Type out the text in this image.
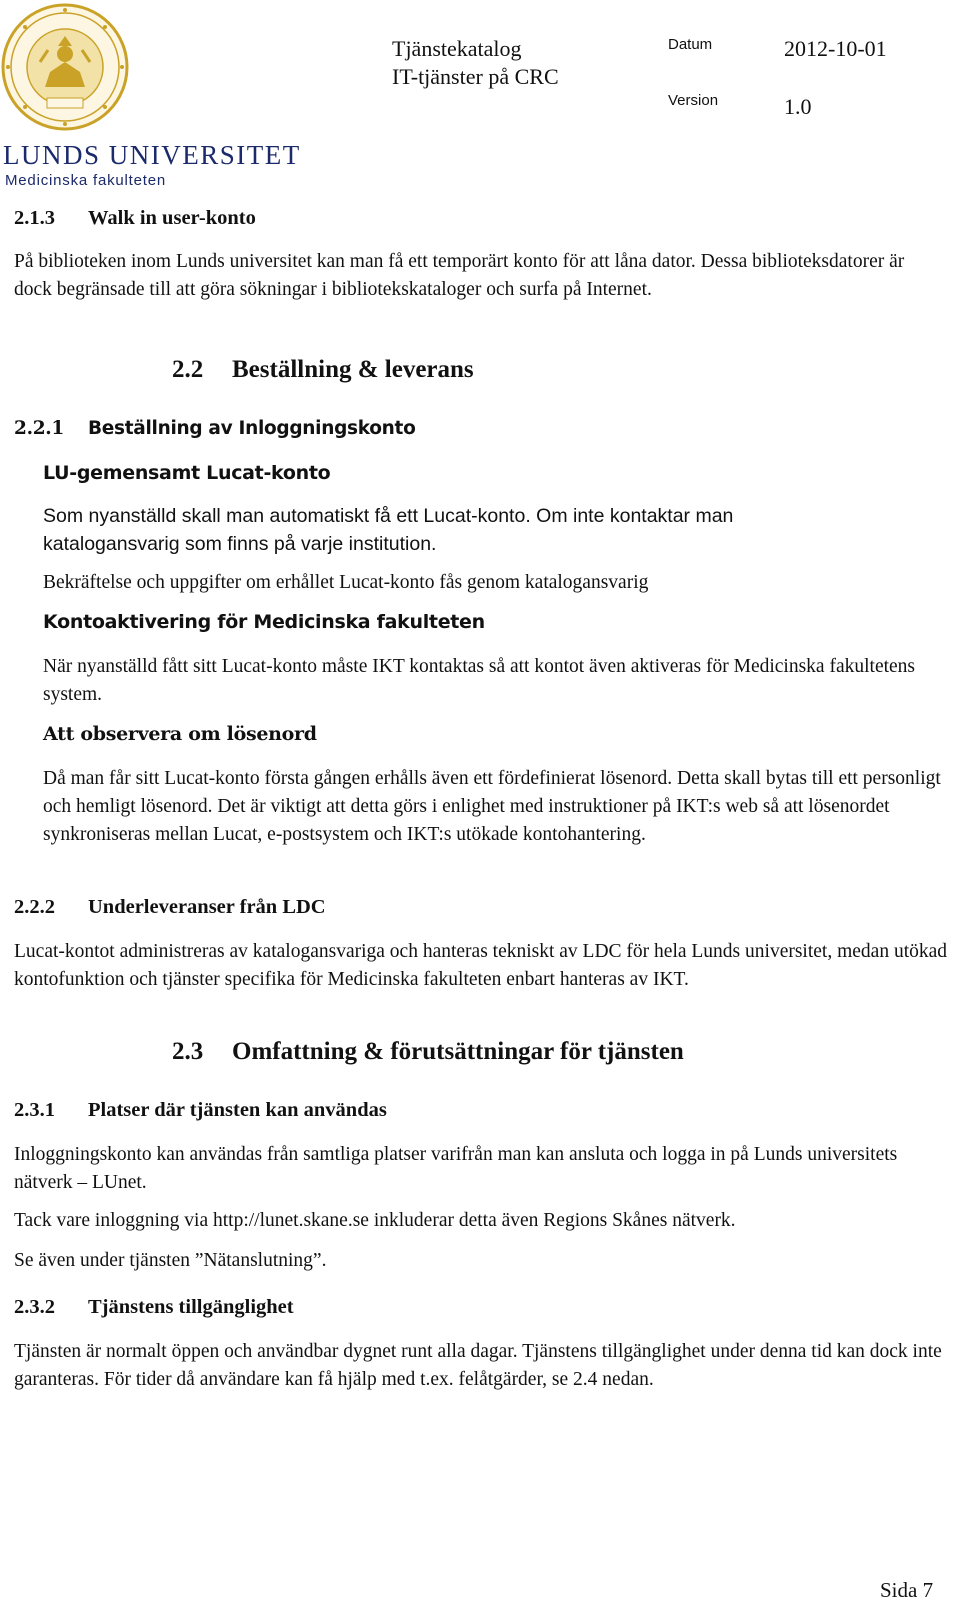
LUNDS UNIVERSITET
Medicinska fakulteten
Tjänstekatalog
IT-tjänster på CRC
Datum	2012-10-01
Version	1.0
2.1.3 Walk in user-konto

På biblioteken inom Lunds universitet kan man få ett temporärt konto för att låna dator. Dessa biblioteksdatorer är dock begränsade till att göra sökningar i bibliotekskataloger och surfa på Internet.

2.2 Beställning & leverans
2.2.1 Beställning av Inloggningskonto
LU-gemensamt Lucat-konto

Som nyanställd skall man automatiskt få ett Lucat-konto. Om inte kontaktar man katalogansvarig som finns på varje institution.

Bekräftelse och uppgifter om erhållet Lucat-konto fås genom katalogansvarig

Kontoaktivering för Medicinska fakulteten

När nyanställd fått sitt Lucat-konto måste IKT kontaktas så att kontot även aktiveras för Medicinska fakultetens system.

Att observera om lösenord

Då man får sitt Lucat-konto första gången erhålls även ett fördefinierat lösenord. Detta skall bytas till ett personligt och hemligt lösenord. Det är viktigt att detta görs i enlighet med instruktioner på IKT:s web så att lösenordet synkroniseras mellan Lucat, e-postsystem och IKT:s utökade kontohantering.

2.2.2 Underleveranser från LDC

Lucat-kontot administreras av katalogansvariga och hanteras tekniskt av LDC för hela Lunds universitet, medan utökad kontofunktion och tjänster specifika för Medicinska fakulteten enbart hanteras av IKT.

2.3 Omfattning & förutsättningar för tjänsten
2.3.1 Platser där tjänsten kan användas

Inloggningskonto kan användas från samtliga platser varifrån man kan ansluta och logga in på Lunds universitets nätverk – LUnet.

Tack vare inloggning via http://lunet.skane.se inkluderar detta även Regions Skånes nätverk.

Se även under tjänsten ”Nätanslutning”.

2.3.2 Tjänstens tillgänglighet

Tjänsten är normalt öppen och användbar dygnet runt alla dagar. Tjänstens tillgänglighet under denna tid kan dock inte garanteras. För tider då användare kan få hjälp med t.ex. felåtgärder, se 2.4 nedan.

Sida 7
